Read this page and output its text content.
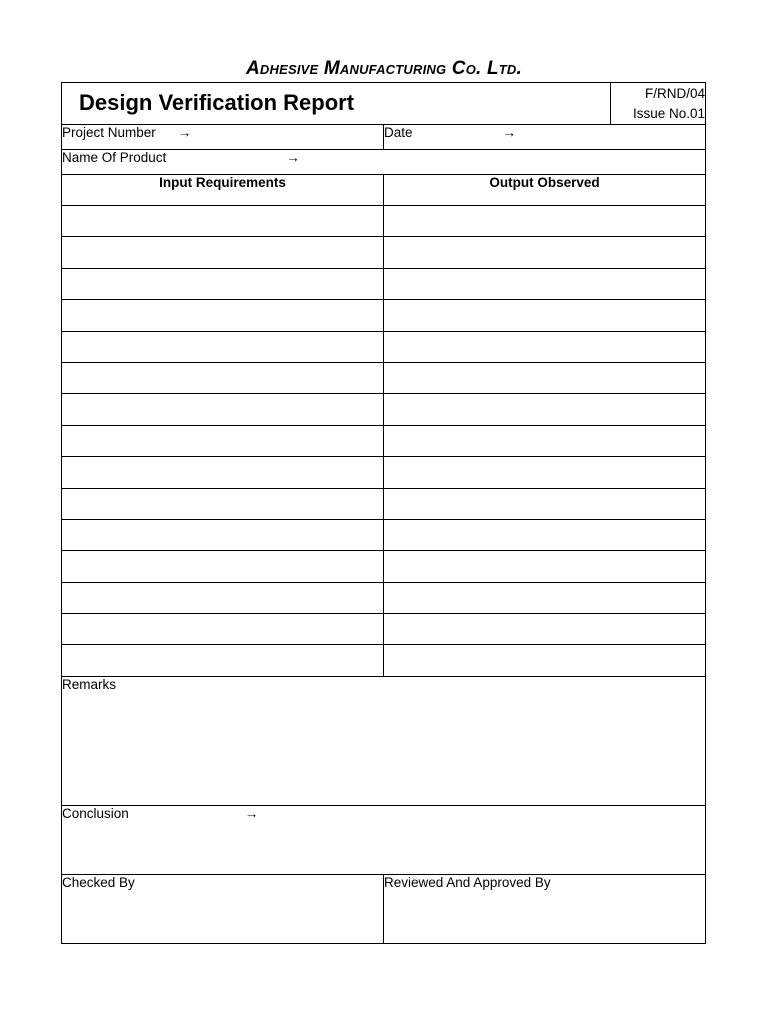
Adhesive Manufacturing Co. Ltd.
Design Verification Report		F/RND/04
Issue No.01

Project Number →	Date →	
Name Of Product →		
Input Requirements	Output Observed	

Remarks		
Conclusion →		
Checked By	Reviewed And Approved By	
